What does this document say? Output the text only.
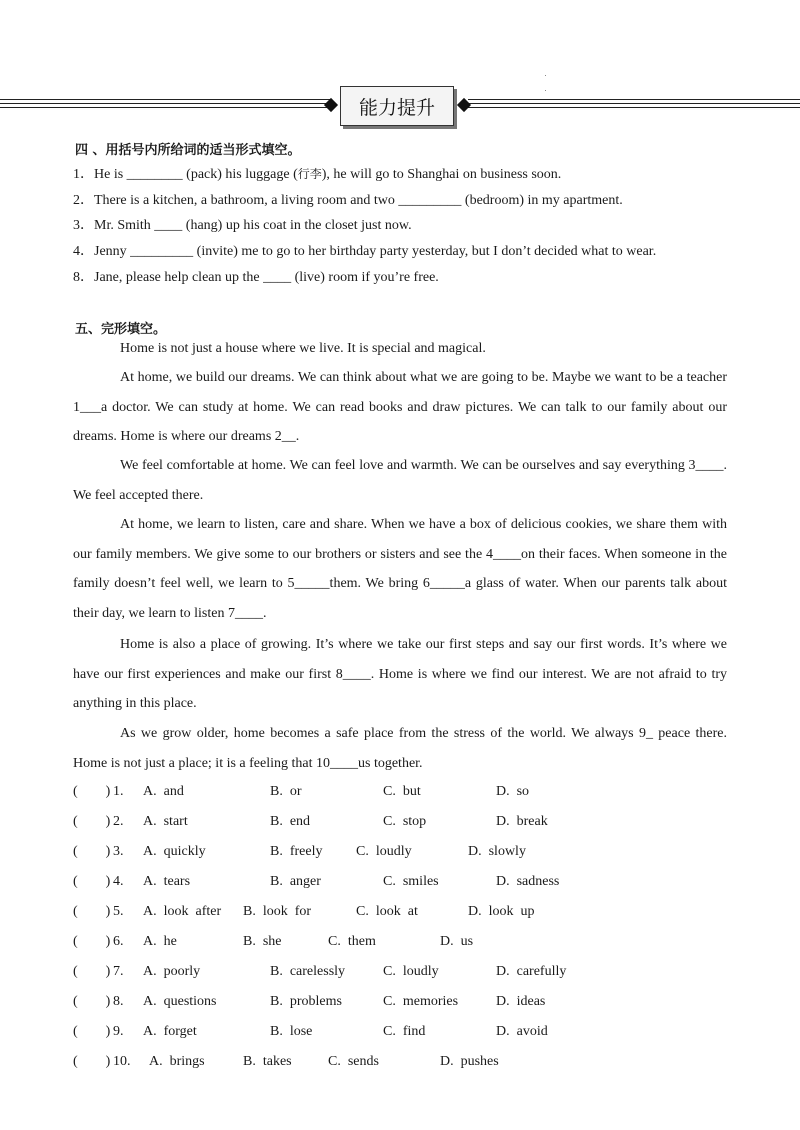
能力提升
四 、用括号内所给词的适当形式填空。
1．He is ________ (pack) his luggage (行李), he will go to Shanghai on business soon.
2．There is a kitchen, a bathroom, a living room and two _________ (bedroom) in my apartment.
3．Mr. Smith ____ (hang) up his coat in the closet just now.
4．Jenny _________ (invite) me to go to her birthday party yesterday, but I don’t decided what to wear.
8．Jane, please help clean up the ____ (live) room if you’re free.
五、完形填空。
Home is not just a house where we live. It is special and magical.
At home, we build our dreams. We can think about what we are going to be. Maybe we want to be a teacher 1___a doctor. We can study at home. We can read books and draw pictures. We can talk to our family about our dreams. Home is where our dreams 2__.
We feel comfortable at home. We can feel love and warmth. We can be ourselves and say everything 3____. We feel accepted there.
At home, we learn to listen, care and share. When we have a box of delicious cookies, we share them with our family members. We give some to our brothers or sisters and see the 4____on their faces. When someone in the family doesn’t feel well, we learn to 5_____them. We bring 6_____a glass of water. When our parents talk about their day, we learn to listen 7____.
Home is also a place of growing. It’s where we take our first steps and say our first words. It’s where we have our first experiences and make our first 8____. Home is where we find our interest. We are not afraid to try anything in this place.
As we grow older, home becomes a safe place from the stress of the world. We always 9_ peace there. Home is not just a place; it is a feeling that 10____us together.
(        ) 1. A.  and	B.  or	C.  but	D.  so
(        ) 2. A.  start	B.  end	C.  stop	D.  break
(        ) 3. A.  quickly	B.  freely C.  loudly	D.  slowly
(        ) 4. A.  tears	B.  anger	C.  smiles	D.  sadness
(        ) 5. A.  look  after B.  look  for	C.  look  at	D.  look  up
(        ) 6. A.  he	B.  she	C.  them	D.  us
(        ) 7. A.  poorly	B.  carelessly	C.  loudly	D.  carefully
(        ) 8. A.  questions	B.  problems	C.  memories	D.  ideas
(        ) 9. A.  forget	B.  lose	C.  find	D.  avoid
(        ) 10. A.  brings	B.  takes	C.  sends	D.  pushes
